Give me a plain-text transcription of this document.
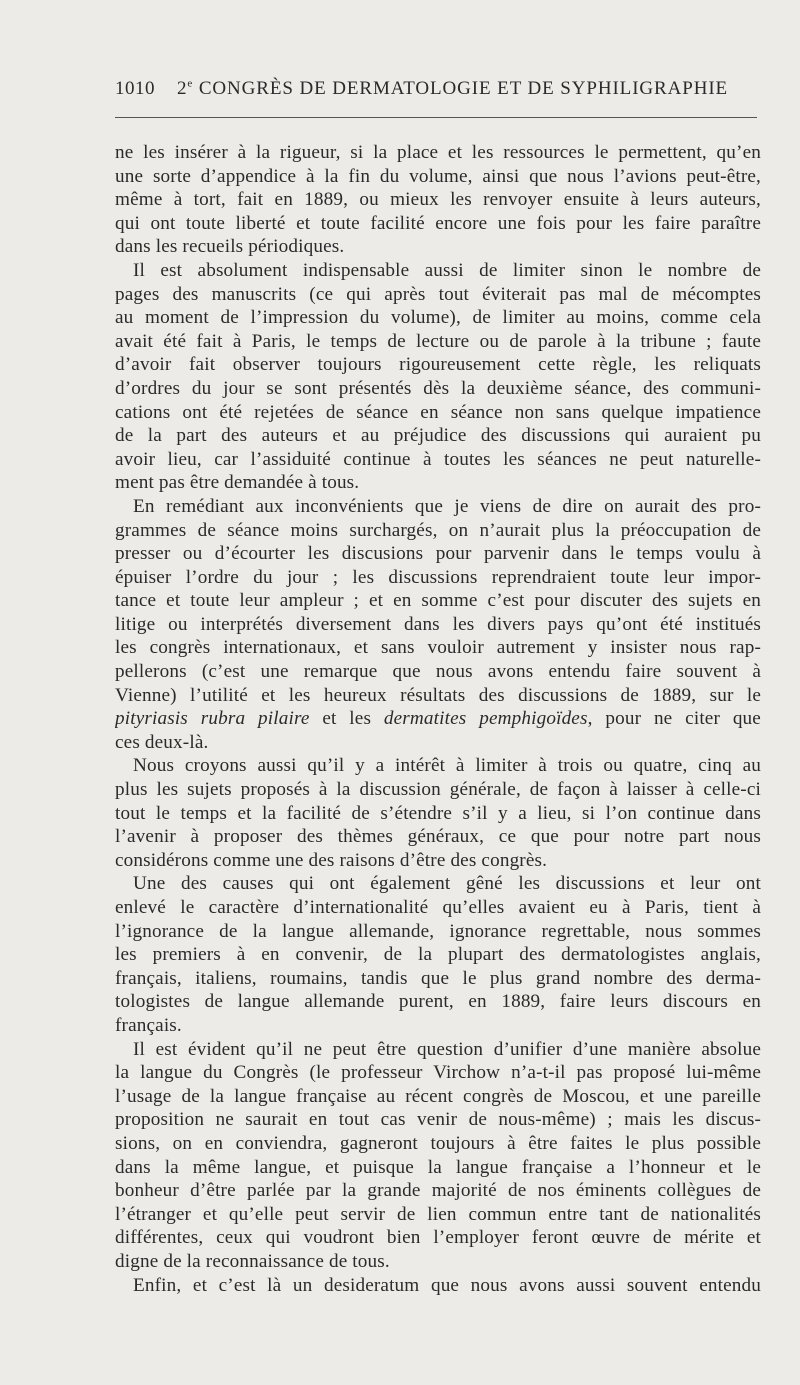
1010 2e CONGRÈS DE DERMATOLOGIE ET DE SYPHILIGRAPHIE
ne les insérer à la rigueur, si la place et les ressources le permettent, qu’en
une sorte d’appendice à la fin du volume, ainsi que nous l’avions peut-être,
même à tort, fait en 1889, ou mieux les renvoyer ensuite à leurs auteurs,
qui ont toute liberté et toute facilité encore une fois pour les faire paraître
dans les recueils périodiques.
Il est absolument indispensable aussi de limiter sinon le nombre de
pages des manuscrits (ce qui après tout éviterait pas mal de mécomptes
au moment de l’impression du volume), de limiter au moins, comme cela
avait été fait à Paris, le temps de lecture ou de parole à la tribune ; faute
d’avoir fait observer toujours rigoureusement cette règle, les reliquats
d’ordres du jour se sont présentés dès la deuxième séance, des communi-
cations ont été rejetées de séance en séance non sans quelque impatience
de la part des auteurs et au préjudice des discussions qui auraient pu
avoir lieu, car l’assiduité continue à toutes les séances ne peut naturelle-
ment pas être demandée à tous.
En remédiant aux inconvénients que je viens de dire on aurait des pro-
grammes de séance moins surchargés, on n’aurait plus la préoccupation de
presser ou d’écourter les discusions pour parvenir dans le temps voulu à
épuiser l’ordre du jour ; les discussions reprendraient toute leur impor-
tance et toute leur ampleur ; et en somme c’est pour discuter des sujets en
litige ou interprétés diversement dans les divers pays qu’ont été institués
les congrès internationaux, et sans vouloir autrement y insister nous rap-
pellerons (c’est une remarque que nous avons entendu faire souvent à
Vienne) l’utilité et les heureux résultats des discussions de 1889, sur le
pityriasis rubra pilaire et les dermatites pemphigoïdes, pour ne citer que
ces deux-là.
Nous croyons aussi qu’il y a intérêt à limiter à trois ou quatre, cinq au
plus les sujets proposés à la discussion générale, de façon à laisser à celle-ci
tout le temps et la facilité de s’étendre s’il y a lieu, si l’on continue dans
l’avenir à proposer des thèmes généraux, ce que pour notre part nous
considérons comme une des raisons d’être des congrès.
Une des causes qui ont également gêné les discussions et leur ont
enlevé le caractère d’internationalité qu’elles avaient eu à Paris, tient à
l’ignorance de la langue allemande, ignorance regrettable, nous sommes
les premiers à en convenir, de la plupart des dermatologistes anglais,
français, italiens, roumains, tandis que le plus grand nombre des derma-
tologistes de langue allemande purent, en 1889, faire leurs discours en
français.
Il est évident qu’il ne peut être question d’unifier d’une manière absolue
la langue du Congrès (le professeur Virchow n’a-t-il pas proposé lui-même
l’usage de la langue française au récent congrès de Moscou, et une pareille
proposition ne saurait en tout cas venir de nous-même) ; mais les discus-
sions, on en conviendra, gagneront toujours à être faites le plus possible
dans la même langue, et puisque la langue française a l’honneur et le
bonheur d’être parlée par la grande majorité de nos éminents collègues de
l’étranger et qu’elle peut servir de lien commun entre tant de nationalités
différentes, ceux qui voudront bien l’employer feront œuvre de mérite et
digne de la reconnaissance de tous.
Enfin, et c’est là un desideratum que nous avons aussi souvent entendu
